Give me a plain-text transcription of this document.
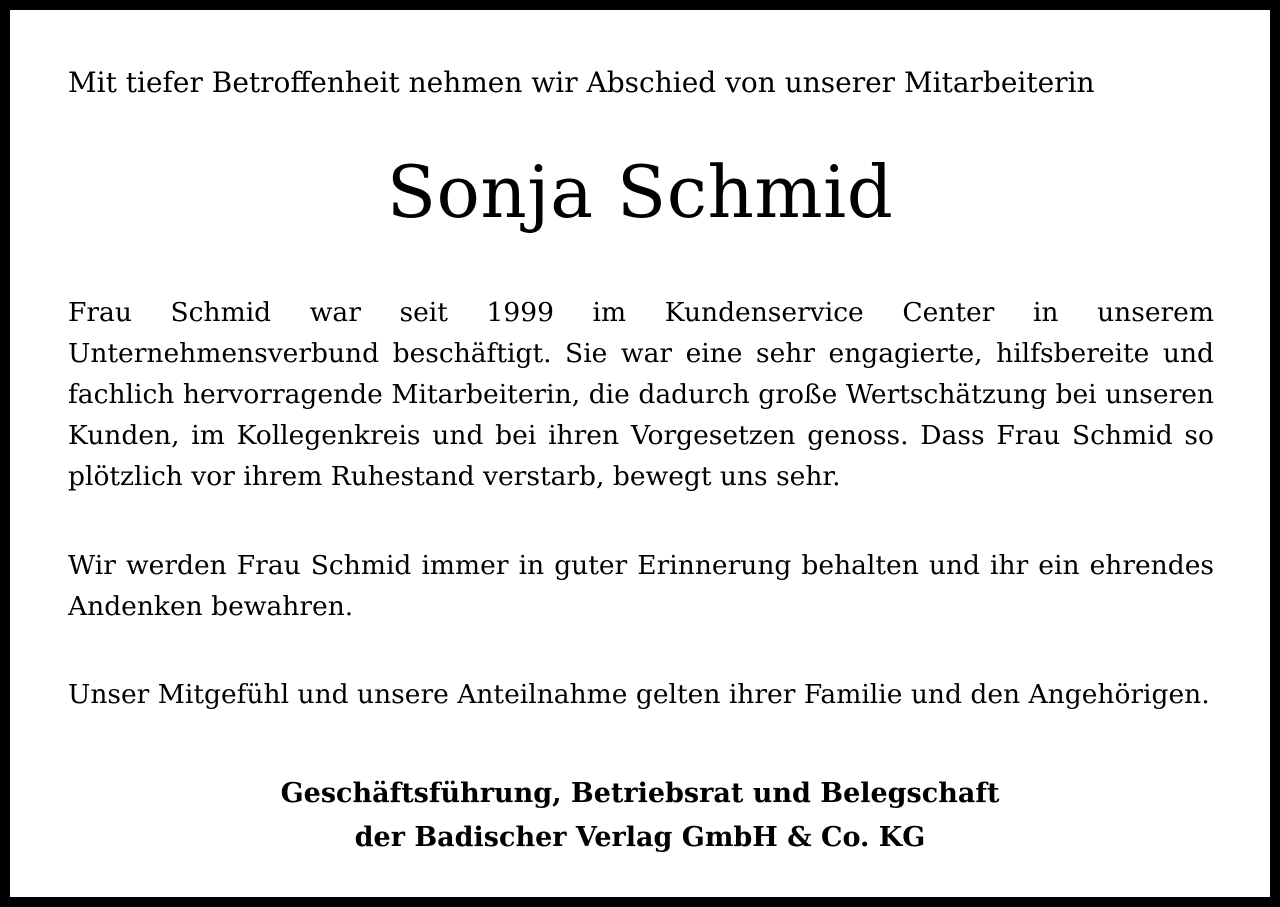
Mit tiefer Betroffenheit nehmen wir Abschied von unserer Mitarbeiterin
Sonja Schmid
Frau Schmid war seit 1999 im Kundenservice Center in unserem Unternehmensverbund beschäftigt. Sie war eine sehr engagierte, hilfsbereite und fachlich hervorragende Mitarbeiterin, die dadurch große Wertschätzung bei unseren Kunden, im Kollegenkreis und bei ihren Vorgesetzen genoss. Dass Frau Schmid so plötzlich vor ihrem Ruhestand verstarb, bewegt uns sehr.
Wir werden Frau Schmid immer in guter Erinnerung behalten und ihr ein ehrendes Andenken bewahren.
Unser Mitgefühl und unsere Anteilnahme gelten ihrer Familie und den Angehörigen.
Geschäftsführung, Betriebsrat und Belegschaft
der Badischer Verlag GmbH & Co. KG
